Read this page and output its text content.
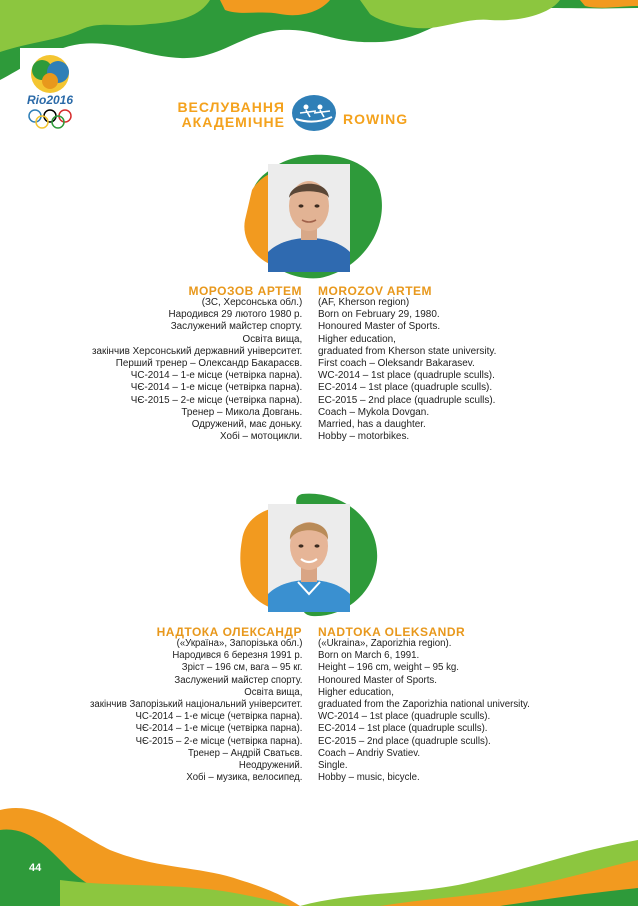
Rio2016	ВЕСЛУВАННЯ
АКАДЕМІЧНЕ	ROWING
МОРОЗОВ АРТЕМ MOROZOV ARTEM
(ЗС, Херсонська обл.)
Народився 29 лютого 1980 р.
Заслужений майстер спорту.
Освіта вища,
закінчив Херсонський державний університет.
Перший тренер – Олександр Бакарасєв.
ЧС-2014 – 1-е місце (четвірка парна).
ЧЄ-2014 – 1-е місце (четвірка парна).
ЧЄ-2015 – 2-е місце (четвірка парна).
Тренер – Микола Довгань.
Одружений, має доньку.
Хобі – мотоцикли.
(AF, Kherson region)
Born on February 29, 1980.
Honoured Master of Sports.
Higher education,
graduated from Kherson state university.
First coach – Oleksandr Bakarasev.
WC-2014 – 1st place (quadruple sculls).
EC-2014 – 1st place (quadruple sculls).
EC-2015 – 2nd place (quadruple sculls).
Coach – Mykola Dovgan.
Married, has a daughter.
Hobby – motorbikes.
НАДТОКА ОЛЕКСАНДР NADTOKA OLEKSANDR
(«Україна», Запорізька обл.)
Народився 6 березня 1991 р.
Зріст – 196 см, вага – 95 кг.
Заслужений майстер спорту.
Освіта вища,
закінчив Запорізький національний університет.
ЧС-2014 – 1-е місце (четвірка парна).
ЧЄ-2014 – 1-е місце (четвірка парна).
ЧЄ-2015 – 2-е місце (четвірка парна).
Тренер – Андрій Сватьєв.
Неодружений.
Хобі – музика, велосипед.
(«Ukraina», Zaporizhia region).
Born on March 6, 1991.
Height – 196 cm, weight – 95 kg.
Honoured Master of Sports.
Higher education,
graduated from the Zaporizhia national university.
WC-2014 – 1st place (quadruple sculls).
EC-2014 – 1st place (quadruple sculls).
EC-2015 – 2nd place (quadruple sculls).
Coach – Andriy Svatiev.
Single.
Hobby – music, bicycle.
44
